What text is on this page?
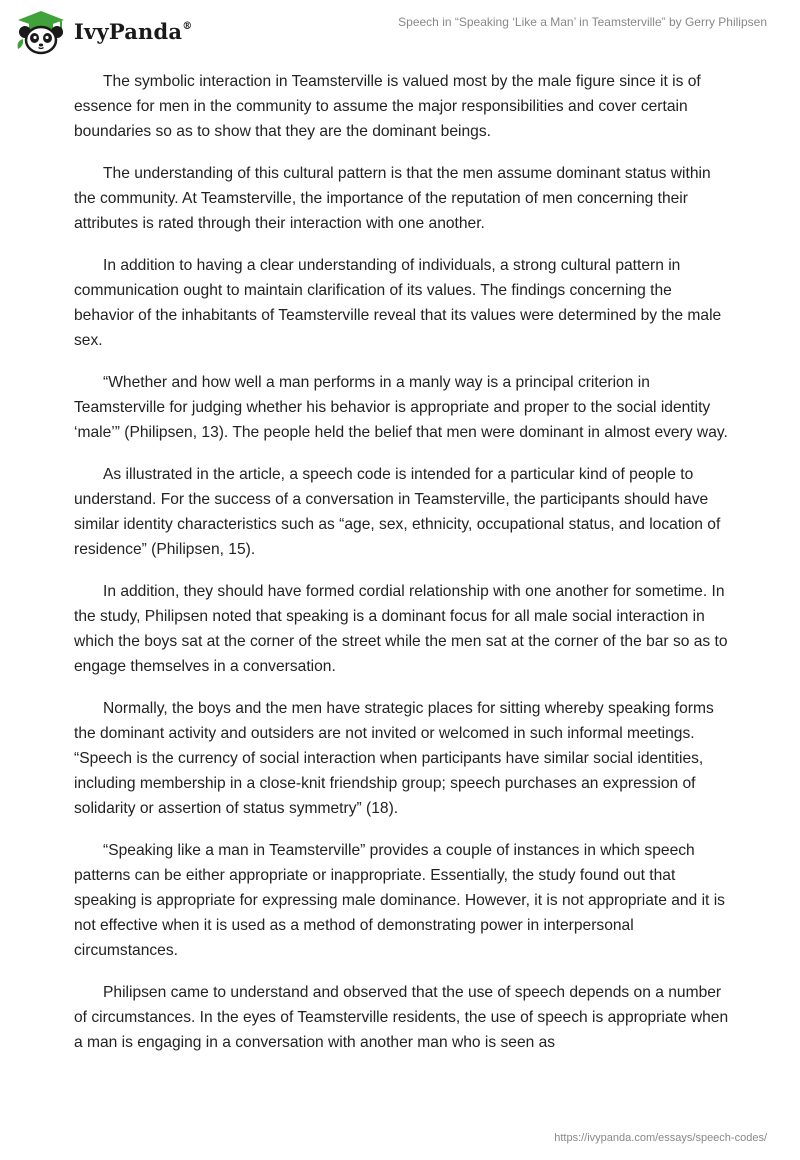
IvyPanda®	Speech in “Speaking ‘Like a Man’ in Teamsterville” by Gerry Philipsen

The symbolic interaction in Teamsterville is valued most by the male figure since it is of essence for men in the community to assume the major responsibilities and cover certain boundaries so as to show that they are the dominant beings.

The understanding of this cultural pattern is that the men assume dominant status within the community. At Teamsterville, the importance of the reputation of men concerning their attributes is rated through their interaction with one another.

In addition to having a clear understanding of individuals, a strong cultural pattern in communication ought to maintain clarification of its values. The findings concerning the behavior of the inhabitants of Teamsterville reveal that its values were determined by the male sex.

“Whether and how well a man performs in a manly way is a principal criterion in Teamsterville for judging whether his behavior is appropriate and proper to the social identity ‘male’” (Philipsen, 13). The people held the belief that men were dominant in almost every way.

As illustrated in the article, a speech code is intended for a particular kind of people to understand. For the success of a conversation in Teamsterville, the participants should have similar identity characteristics such as “age, sex, ethnicity, occupational status, and location of residence” (Philipsen, 15).

In addition, they should have formed cordial relationship with one another for sometime. In the study, Philipsen noted that speaking is a dominant focus for all male social interaction in which the boys sat at the corner of the street while the men sat at the corner of the bar so as to engage themselves in a conversation.

Normally, the boys and the men have strategic places for sitting whereby speaking forms the dominant activity and outsiders are not invited or welcomed in such informal meetings. “Speech is the currency of social interaction when participants have similar social identities, including membership in a close-knit friendship group; speech purchases an expression of solidarity or assertion of status symmetry” (18).

“Speaking like a man in Teamsterville” provides a couple of instances in which speech patterns can be either appropriate or inappropriate. Essentially, the study found out that speaking is appropriate for expressing male dominance. However, it is not appropriate and it is not effective when it is used as a method of demonstrating power in interpersonal circumstances.

Philipsen came to understand and observed that the use of speech depends on a number of circumstances. In the eyes of Teamsterville residents, the use of speech is appropriate when a man is engaging in a conversation with another man who is seen as

https://ivypanda.com/essays/speech-codes/
